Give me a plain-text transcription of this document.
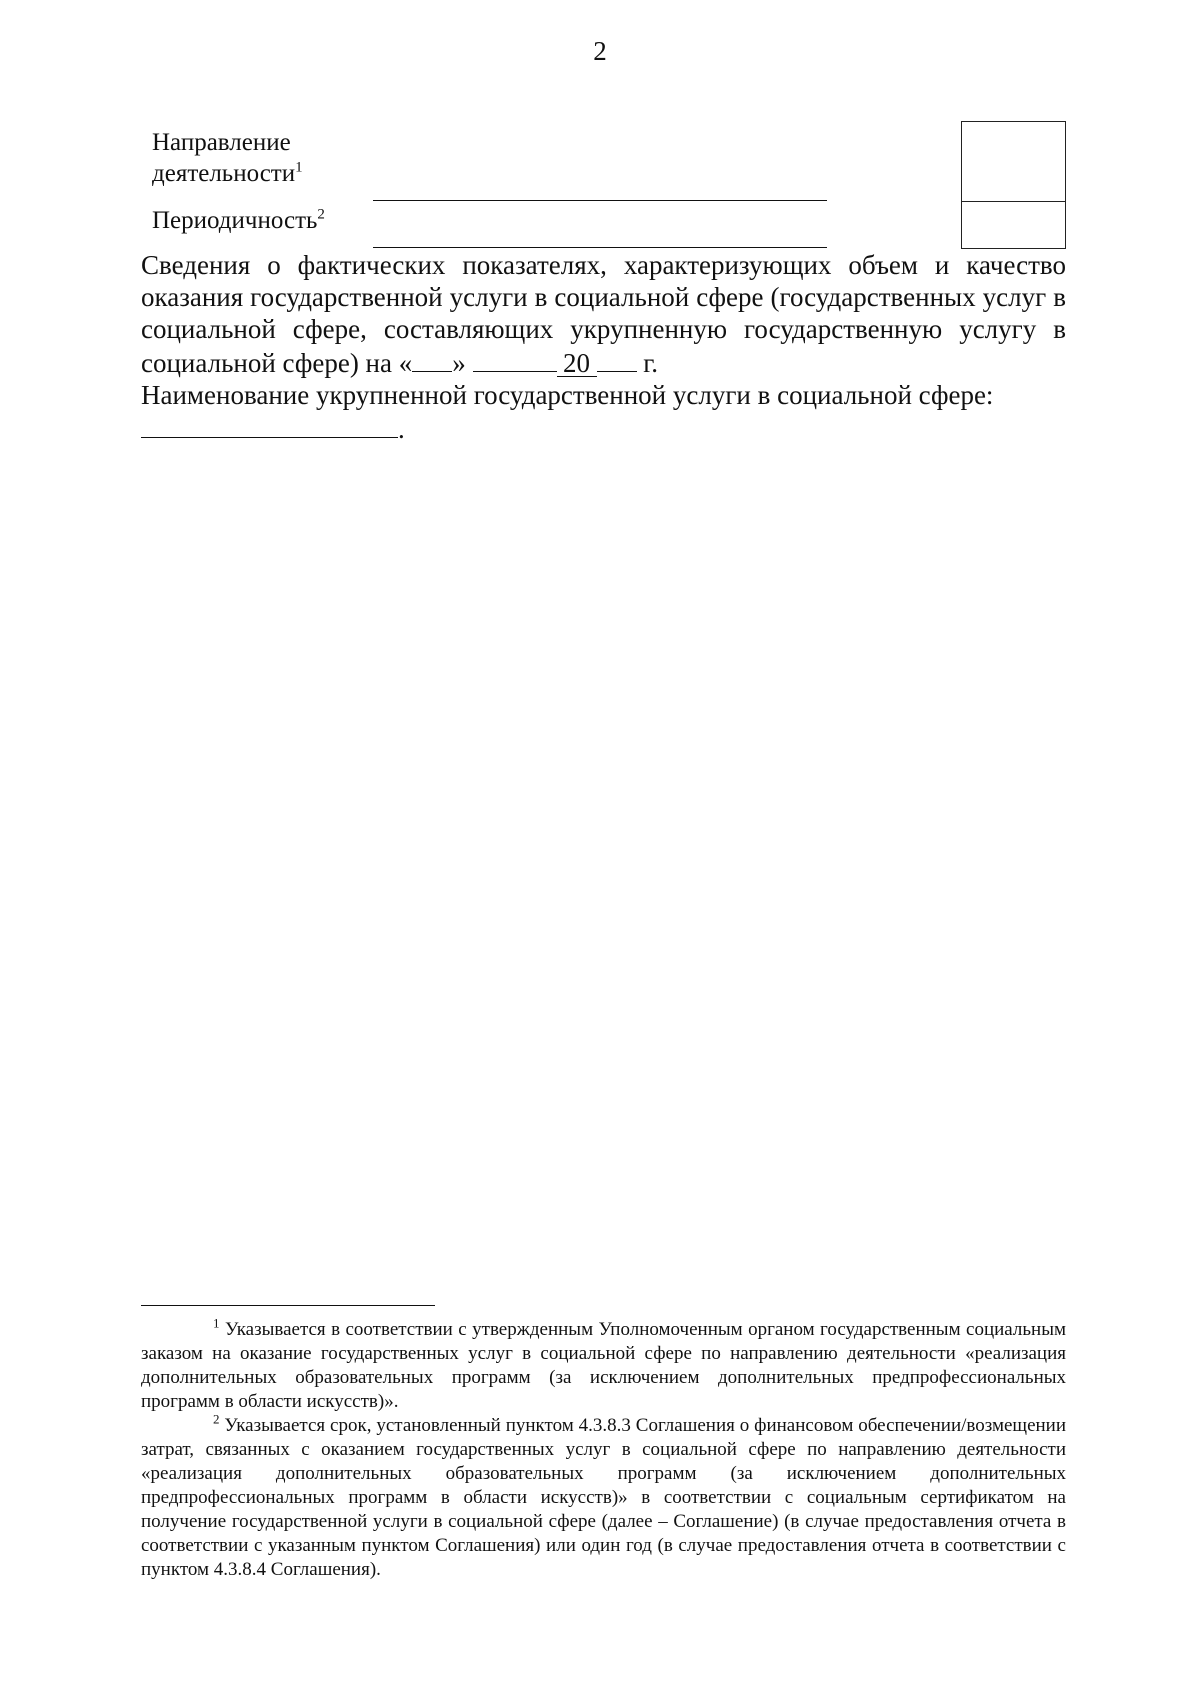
2
Направление
деятельности$^1$
Периодичность$^2$

Сведения о фактических показателях, характеризующих объем и качество оказания государственной услуги в социальной сфере (государственных услуг в социальной сфере, составляющих укрупненную государственную услугу в социальной сфере) на « »	20 г.

Наименование укрупненной государственной услуги в социальной сфере:

.

$^1$ Указывается в соответствии с утвержденным Уполномоченным органом государственным социальным заказом на оказание государственных услуг в социальной сфере по направлению деятельности «реализация дополнительных образовательных программ (за исключением дополнительных предпрофессиональных программ в области искусств)».

$^2$ Указывается срок, установленный пунктом 4.3.8.3 Соглашения о финансовом обеспечении/возмещении затрат, связанных с оказанием государственных услуг в социальной сфере по направлению деятельности «реализация дополнительных образовательных программ (за исключением дополнительных предпрофессиональных программ в области искусств)» в соответствии с социальным сертификатом на получение государственной услуги в социальной сфере (далее – Соглашение) (в случае предоставления отчета в соответствии с указанным пунктом Соглашения) или один год (в случае предоставления отчета в соответствии с пунктом 4.3.8.4 Соглашения).
